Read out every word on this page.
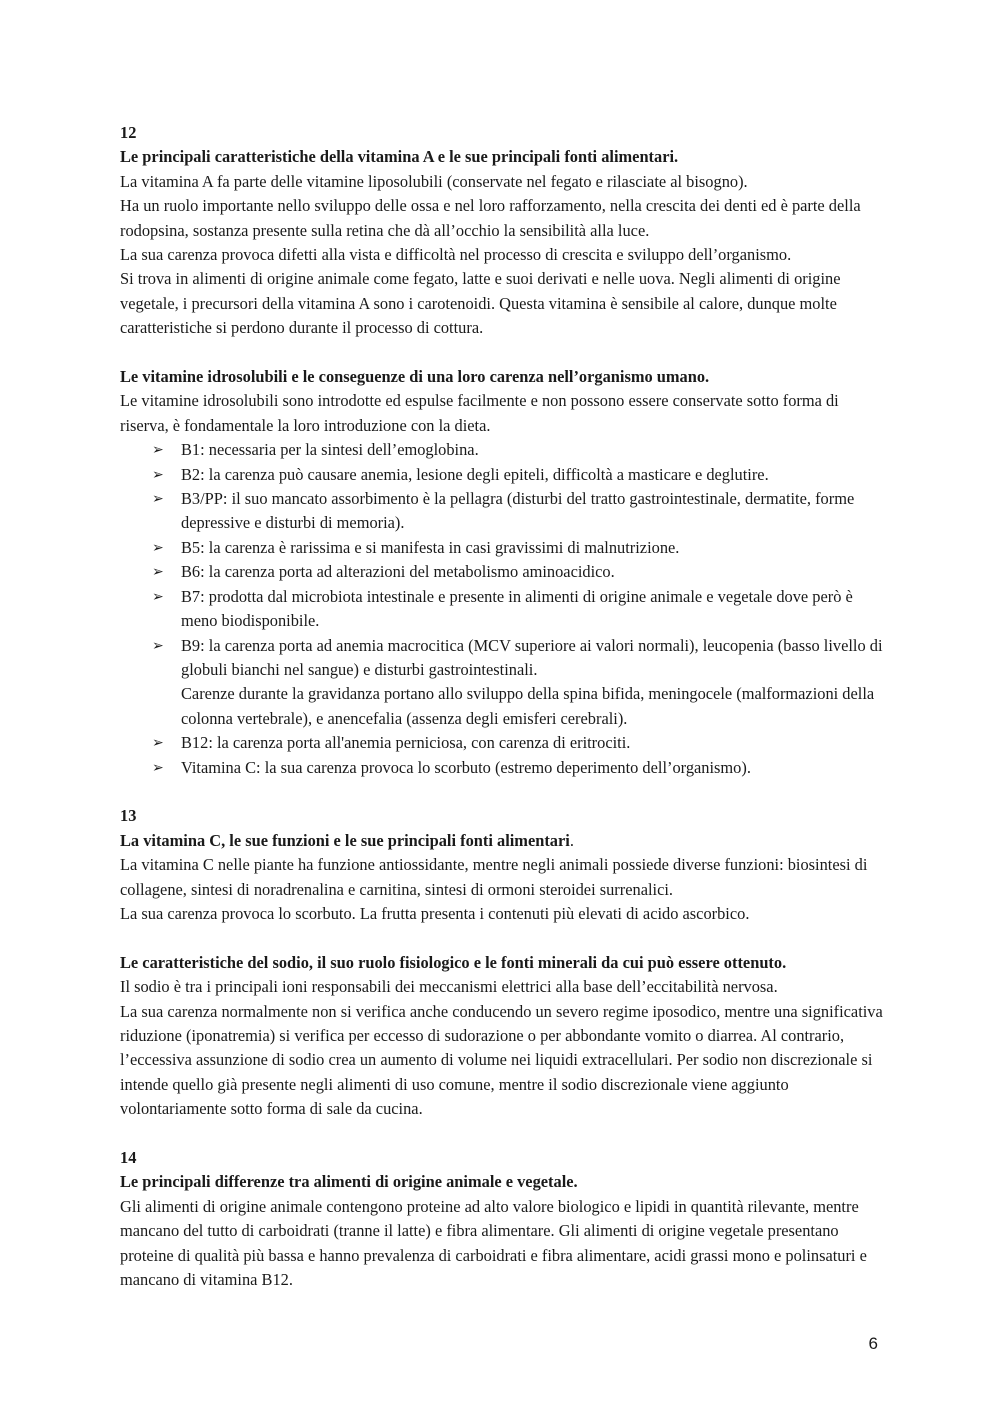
12

Le principali caratteristiche della vitamina A e le sue principali fonti alimentari.

La vitamina A fa parte delle vitamine liposolubili (conservate nel fegato e rilasciate al bisogno).

Ha un ruolo importante nello sviluppo delle ossa e nel loro rafforzamento, nella crescita dei denti ed è parte della rodopsina, sostanza presente sulla retina che dà all’occhio la sensibilità alla luce.

La sua carenza provoca difetti alla vista e difficoltà nel processo di crescita e sviluppo dell’organismo.

Si trova in alimenti di origine animale come fegato, latte e suoi derivati e nelle uova. Negli alimenti di origine vegetale, i precursori della vitamina A sono i carotenoidi. Questa vitamina è sensibile al calore, dunque molte caratteristiche si perdono durante il processo di cottura.

Le vitamine idrosolubili e le conseguenze di una loro carenza nell’organismo umano.

Le vitamine idrosolubili sono introdotte ed espulse facilmente e non possono essere conservate sotto forma di riserva, è fondamentale la loro introduzione con la dieta.

➢ B1: necessaria per la sintesi dell’emoglobina.
➢ B2: la carenza può causare anemia, lesione degli epiteli, difficoltà a masticare e deglutire.
➢ B3/PP: il suo mancato assorbimento è la pellagra (disturbi del tratto gastrointestinale, dermatite, forme depressive e disturbi di memoria).
➢ B5: la carenza è rarissima e si manifesta in casi gravissimi di malnutrizione.
➢ B6: la carenza porta ad alterazioni del metabolismo aminoacidico.
➢ B7: prodotta dal microbiota intestinale e presente in alimenti di origine animale e vegetale dove però è meno biodisponibile.
➢ B9: la carenza porta ad anemia macrocitica (MCV superiore ai valori normali), leucopenia (basso livello di globuli bianchi nel sangue) e disturbi gastrointestinali.
Carenze durante la gravidanza portano allo sviluppo della spina bifida, meningocele (malformazioni della colonna vertebrale), e anencefalia (assenza degli emisferi cerebrali).
➢ B12: la carenza porta all'anemia perniciosa, con carenza di eritrociti.
➢ Vitamina C: la sua carenza provoca lo scorbuto (estremo deperimento dell’organismo).

13

La vitamina C, le sue funzioni e le sue principali fonti alimentari.

La vitamina C nelle piante ha funzione antiossidante, mentre negli animali possiede diverse funzioni: biosintesi di collagene, sintesi di noradrenalina e carnitina, sintesi di ormoni steroidei surrenalici.

La sua carenza provoca lo scorbuto. La frutta presenta i contenuti più elevati di acido ascorbico.

Le caratteristiche del sodio, il suo ruolo fisiologico e le fonti minerali da cui può essere ottenuto.

Il sodio è tra i principali ioni responsabili dei meccanismi elettrici alla base dell’eccitabilità nervosa.

La sua carenza normalmente non si verifica anche conducendo un severo regime iposodico, mentre una significativa riduzione (iponatremia) si verifica per eccesso di sudorazione o per abbondante vomito o diarrea. Al contrario, l’eccessiva assunzione di sodio crea un aumento di volume nei liquidi extracellulari. Per sodio non discrezionale si intende quello già presente negli alimenti di uso comune, mentre il sodio discrezionale viene aggiunto volontariamente sotto forma di sale da cucina.

14

Le principali differenze tra alimenti di origine animale e vegetale.

Gli alimenti di origine animale contengono proteine ad alto valore biologico e lipidi in quantità rilevante, mentre mancano del tutto di carboidrati (tranne il latte) e fibra alimentare. Gli alimenti di origine vegetale presentano proteine di qualità più bassa e hanno prevalenza di carboidrati e fibra alimentare, acidi grassi mono e polinsaturi e mancano di vitamina B12.

6
